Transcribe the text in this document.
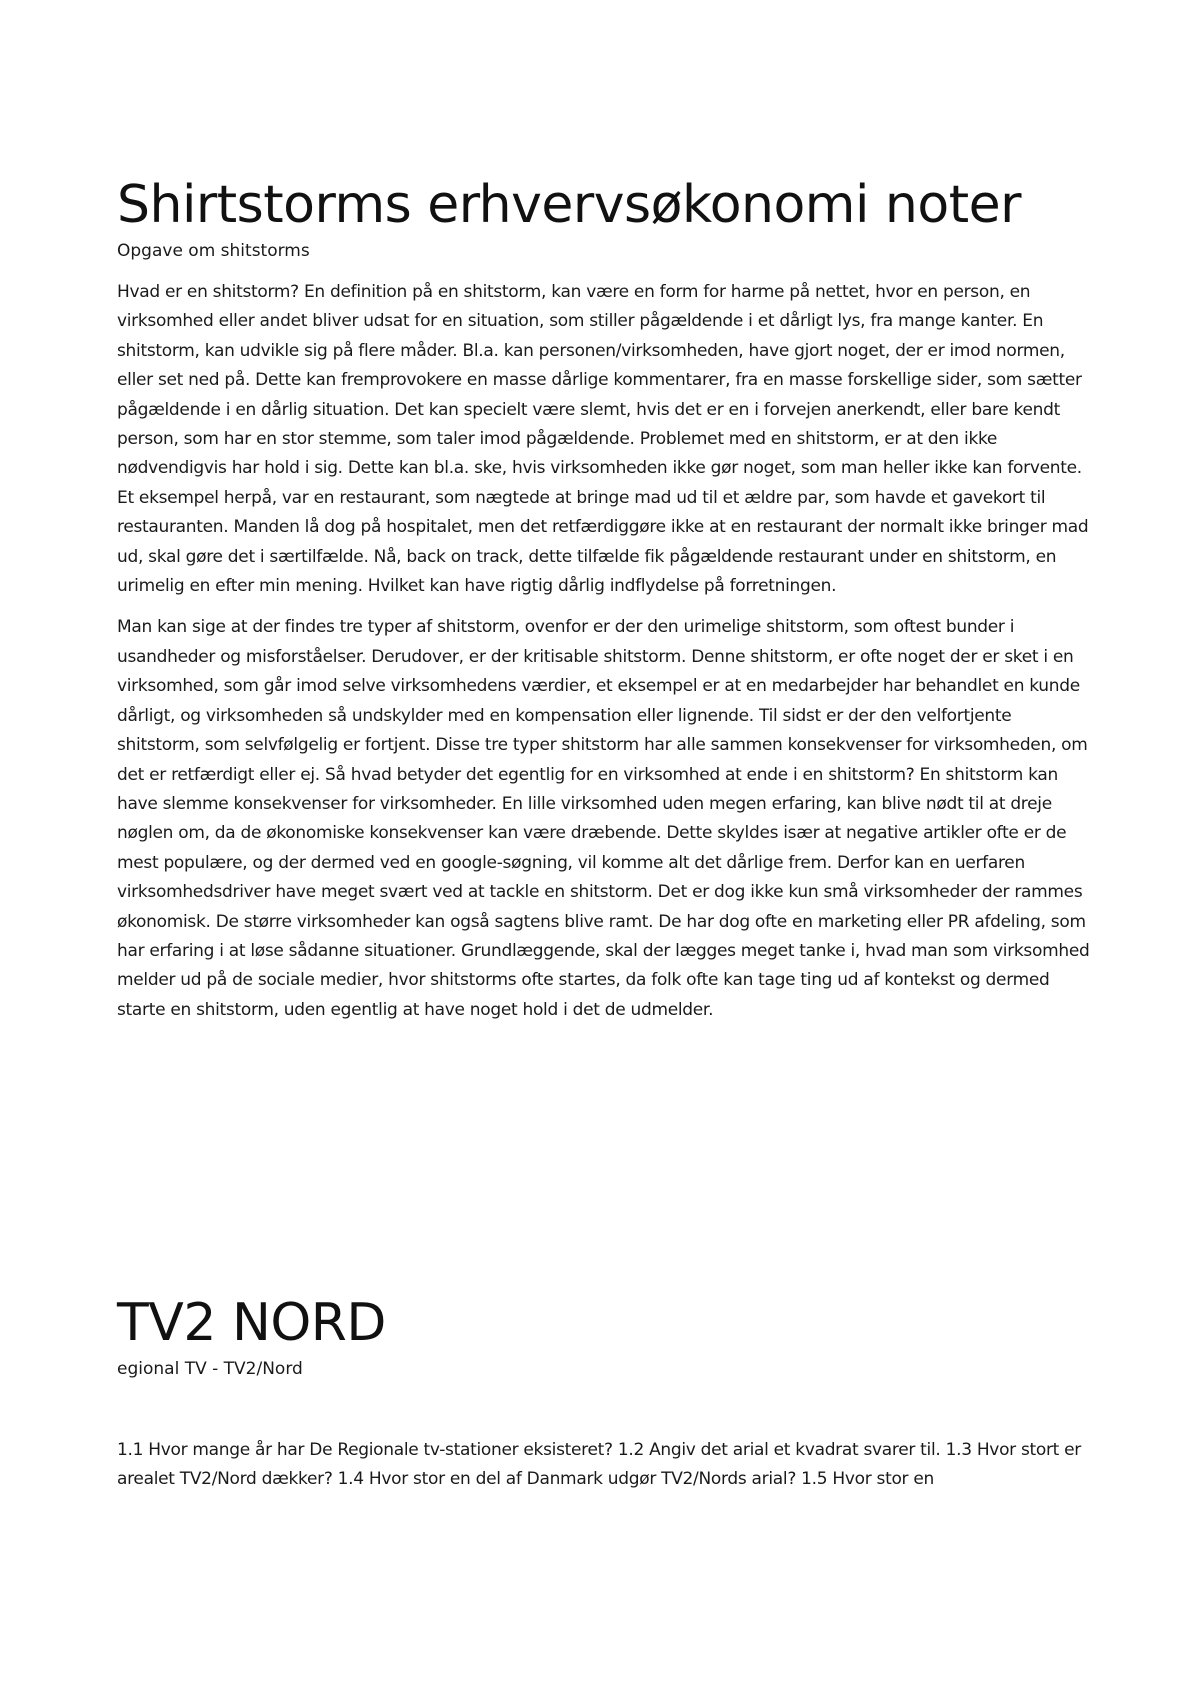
Shirtstorms erhvervsøkonomi noter

Opgave om shitstorms

Hvad er en shitstorm? En definition på en shitstorm, kan være en form for harme på nettet, hvor en person, en virksomhed eller andet bliver udsat for en situation, som stiller pågældende i et dårligt lys, fra mange kanter. En shitstorm, kan udvikle sig på flere måder. Bl.a. kan personen/virksomheden, have gjort noget, der er imod normen, eller set ned på. Dette kan fremprovokere en masse dårlige kommentarer, fra en masse forskellige sider, som sætter pågældende i en dårlig situation. Det kan specielt være slemt, hvis det er en i forvejen anerkendt, eller bare kendt person, som har en stor stemme, som taler imod pågældende. Problemet med en shitstorm, er at den ikke nødvendigvis har hold i sig. Dette kan bl.a. ske, hvis virksomheden ikke gør noget, som man heller ikke kan forvente. Et eksempel herpå, var en restaurant, som nægtede at bringe mad ud til et ældre par, som havde et gavekort til restauranten. Manden lå dog på hospitalet, men det retfærdiggøre ikke at en restaurant der normalt ikke bringer mad ud, skal gøre det i særtilfælde. Nå, back on track, dette tilfælde fik pågældende restaurant under en shitstorm, en urimelig en efter min mening. Hvilket kan have rigtig dårlig indflydelse på forretningen.

Man kan sige at der findes tre typer af shitstorm, ovenfor er der den urimelige shitstorm, som oftest bunder i usandheder og misforståelser. Derudover, er der kritisable shitstorm. Denne shitstorm, er ofte noget der er sket i en virksomhed, som går imod selve virksomhedens værdier, et eksempel er at en medarbejder har behandlet en kunde dårligt, og virksomheden så undskylder med en kompensation eller lignende. Til sidst er der den velfortjente shitstorm, som selvfølgelig er fortjent. Disse tre typer shitstorm har alle sammen konsekvenser for virksomheden, om det er retfærdigt eller ej. Så hvad betyder det egentlig for en virksomhed at ende i en shitstorm? En shitstorm kan have slemme konsekvenser for virksomheder. En lille virksomhed uden megen erfaring, kan blive nødt til at dreje nøglen om, da de økonomiske konsekvenser kan være dræbende. Dette skyldes især at negative artikler ofte er de mest populære, og der dermed ved en google-søgning, vil komme alt det dårlige frem. Derfor kan en uerfaren virksomhedsdriver have meget svært ved at tackle en shitstorm. Det er dog ikke kun små virksomheder der rammes økonomisk. De større virksomheder kan også sagtens blive ramt. De har dog ofte en marketing eller PR afdeling, som har erfaring i at løse sådanne situationer. Grundlæggende, skal der lægges meget tanke i, hvad man som virksomhed melder ud på de sociale medier, hvor shitstorms ofte startes, da folk ofte kan tage ting ud af kontekst og dermed starte en shitstorm, uden egentlig at have noget hold i det de udmelder.

TV2 NORD

egional TV - TV2/Nord

1.1 Hvor mange år har De Regionale tv-stationer eksisteret? 1.2 Angiv det arial et kvadrat svarer til. 1.3 Hvor stort er arealet TV2/Nord dækker? 1.4 Hvor stor en del af Danmark udgør TV2/Nords arial? 1.5 Hvor stor en
